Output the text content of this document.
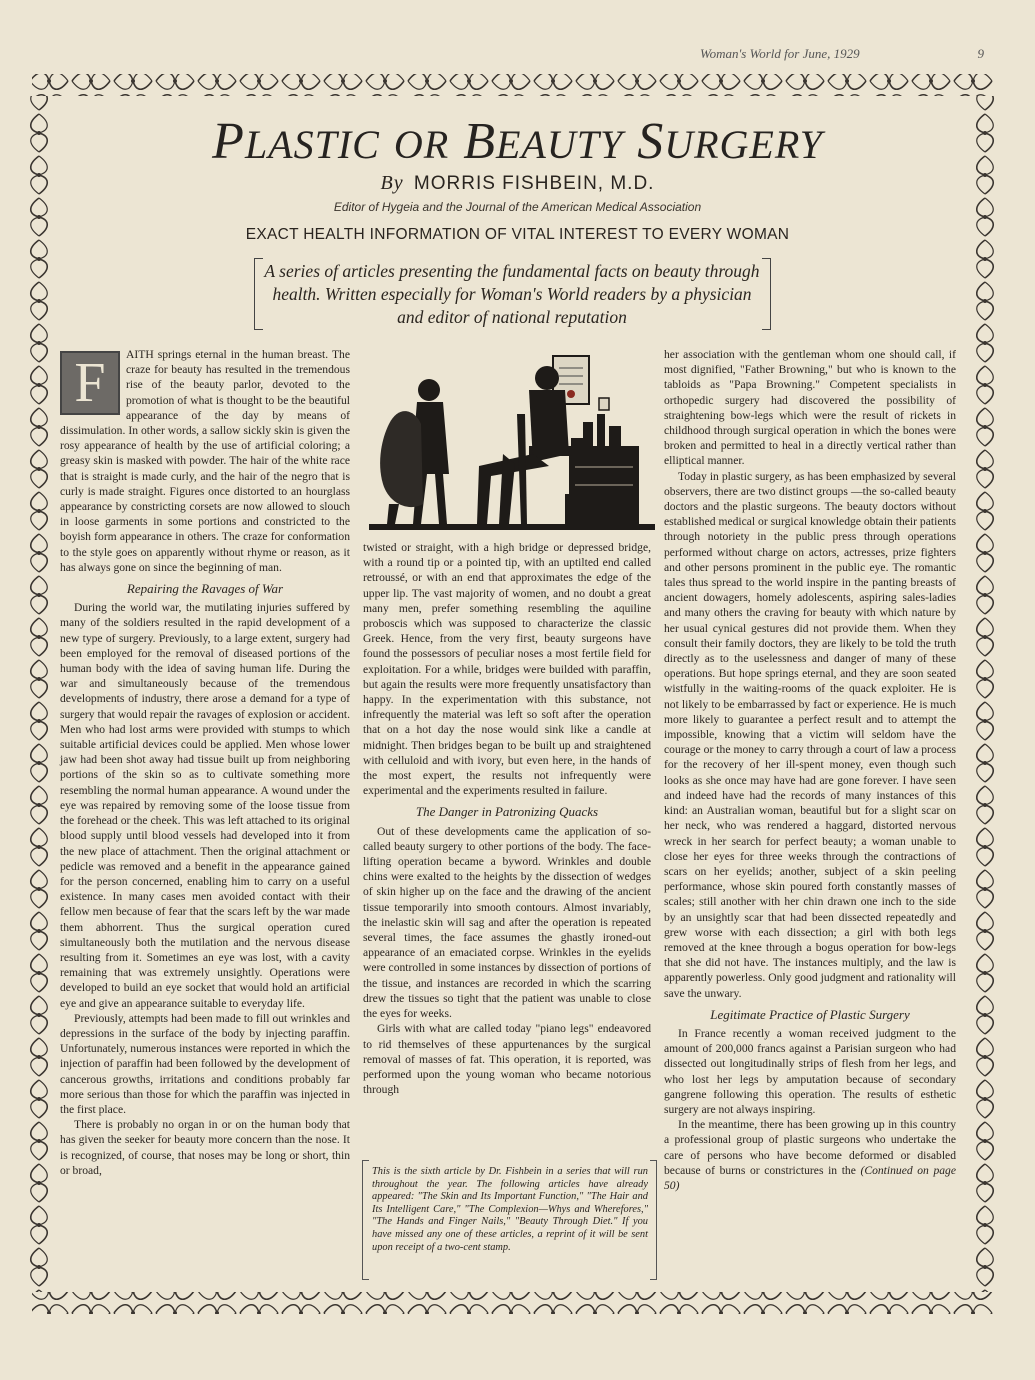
Woman's World for June, 1929	9
PLASTIC OR BEAUTY SURGERY
By MORRIS FISHBEIN, M.D.
Editor of Hygeia and the Journal of the American Medical Association
EXACT HEALTH INFORMATION OF VITAL INTEREST TO EVERY WOMAN
A series of articles presenting the fundamental facts on beauty through health. Written especially for Woman's World readers by a physician and editor of national reputation
F	AITH springs eternal in the human breast. The craze for beauty has resulted in the tremendous rise of the beauty parlor, devoted to the promotion of what is thought to be the beautiful appearance of the day by means of dissimulation. In other words, a sallow sickly skin is given the rosy appearance of health by the use of artificial coloring; a greasy skin is masked with powder. The hair of the white race that is straight is made curly, and the hair of the negro that is curly is made straight. Figures once distorted to an hourglass appearance by constricting corsets are now allowed to slouch in loose garments in some portions and constricted to the boyish form appearance in others. The craze for conformation to the style goes on apparently without rhyme or reason, as it has always gone on since the beginning of man.

Repairing the Ravages of War

During the world war, the mutilating injuries suffered by many of the soldiers resulted in the rapid development of a new type of surgery. Previously, to a large extent, surgery had been employed for the removal of diseased portions of the human body with the idea of saving human life. During the war and simultaneously because of the tremendous developments of industry, there arose a demand for a type of surgery that would repair the ravages of explosion or accident. Men who had lost arms were provided with stumps to which suitable artificial devices could be applied. Men whose lower jaw had been shot away had tissue built up from neighboring portions of the skin so as to cultivate something more resembling the normal human appearance. A wound under the eye was repaired by removing some of the loose tissue from the forehead or the cheek. This was left attached to its original blood supply until blood vessels had developed into it from the new place of attachment. Then the original attachment or pedicle was removed and a benefit in the appearance gained for the person concerned, enabling him to carry on a useful existence. In many cases men avoided contact with their fellow men because of fear that the scars left by the war made them abhorrent. Thus the surgical operation cured simultaneously both the mutilation and the nervous disease resulting from it. Sometimes an eye was lost, with a cavity remaining that was extremely unsightly. Operations were developed to build an eye socket that would hold an artificial eye and give an appearance suitable to everyday life.

Previously, attempts had been made to fill out wrinkles and depressions in the surface of the body by injecting paraffin. Unfortunately, numerous instances were reported in which the injection of paraffin had been followed by the development of cancerous growths, irritations and conditions probably far more serious than those for which the paraffin was injected in the first place.

There is probably no organ in or on the human body that has given the seeker for beauty more concern than the nose. It is recognized, of course, that noses may be long or short, thin or broad,

twisted or straight, with a high bridge or depressed bridge, with a round tip or a pointed tip, with an uptilted end called retroussé, or with an end that approximates the edge of the upper lip. The vast majority of women, and no doubt a great many men, prefer something resembling the aquiline proboscis which was supposed to characterize the classic Greek. Hence, from the very first, beauty surgeons have found the possessors of peculiar noses a most fertile field for exploitation. For a while, bridges were builded with paraffin, but again the results were more frequently unsatisfactory than happy. In the experimentation with this substance, not infrequently the material was left so soft after the operation that on a hot day the nose would sink like a candle at midnight. Then bridges began to be built up and straightened with celluloid and with ivory, but even here, in the hands of the most expert, the results not infrequently were experimental and the experiments resulted in failure.

The Danger in Patronizing Quacks

Out of these developments came the application of so-called beauty surgery to other portions of the body. The face-lifting operation became a byword. Wrinkles and double chins were exalted to the heights by the dissection of wedges of skin higher up on the face and the drawing of the ancient tissue temporarily into smooth contours. Almost invariably, the inelastic skin will sag and after the operation is repeated several times, the face assumes the ghastly ironed-out appearance of an emaciated corpse. Wrinkles in the eyelids were controlled in some instances by dissection of portions of the tissue, and instances are recorded in which the scarring drew the tissues so tight that the patient was unable to close the eyes for weeks.

Girls with what are called today "piano legs" endeavored to rid themselves of these appurtenances by the surgical removal of masses of fat. This operation, it is reported, was performed upon the young woman who became notorious through

This is the sixth article by Dr. Fishbein in a series that will run throughout the year. The following articles have already appeared: "The Skin and Its Important Function," "The Hair and Its Intelligent Care," "The Complexion—Whys and Wherefores," "The Hands and Finger Nails," "Beauty Through Diet." If you have missed any one of these articles, a reprint of it will be sent upon receipt of a two-cent stamp.

her association with the gentleman whom one should call, if most dignified, "Father Browning," but who is known to the tabloids as "Papa Browning." Competent specialists in orthopedic surgery had discovered the possibility of straightening bow-legs which were the result of rickets in childhood through surgical operation in which the bones were broken and permitted to heal in a directly vertical rather than elliptical manner.

Today in plastic surgery, as has been emphasized by several observers, there are two distinct groups —the so-called beauty doctors and the plastic surgeons. The beauty doctors without established medical or surgical knowledge obtain their patients through notoriety in the public press through operations performed without charge on actors, actresses, prize fighters and other persons prominent in the public eye. The romantic tales thus spread to the world inspire in the panting breasts of ancient dowagers, homely adolescents, aspiring sales-ladies and many others the craving for beauty with which nature by her usual cynical gestures did not provide them. When they consult their family doctors, they are likely to be told the truth directly as to the uselessness and danger of many of these operations. But hope springs eternal, and they are soon seated wistfully in the waiting-rooms of the quack exploiter. He is not likely to be embarrassed by fact or experience. He is much more likely to guarantee a perfect result and to attempt the impossible, knowing that a victim will seldom have the courage or the money to carry through a court of law a process for the recovery of her ill-spent money, even though such looks as she once may have had are gone forever. I have seen and indeed have had the records of many instances of this kind: an Australian woman, beautiful but for a slight scar on her neck, who was rendered a haggard, distorted nervous wreck in her search for perfect beauty; a woman unable to close her eyes for three weeks through the contractions of scars on her eyelids; another, subject of a skin peeling performance, whose skin poured forth constantly masses of scales; still another with her chin drawn one inch to the side by an unsightly scar that had been dissected repeatedly and grew worse with each dissection; a girl with both legs removed at the knee through a bogus operation for bow-legs that she did not have. The instances multiply, and the law is apparently powerless. Only good judgment and rationality will save the unwary.

Legitimate Practice of Plastic Surgery

In France recently a woman received judgment to the amount of 200,000 francs against a Parisian surgeon who had dissected out longitudinally strips of flesh from her legs, and who lost her legs by amputation because of secondary gangrene following this operation. The results of esthetic surgery are not always inspiring.

In the meantime, there has been growing up in this country a professional group of plastic surgeons who undertake the care of persons who have become deformed or disabled because of burns or constrictures in the (Continued on page 50)
